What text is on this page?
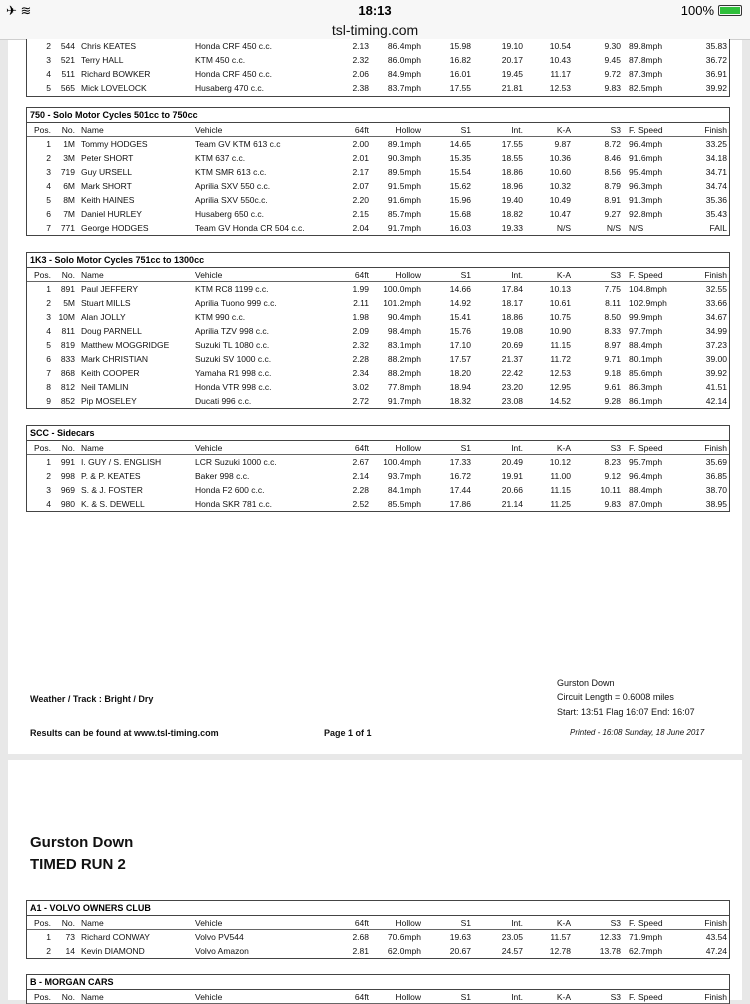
✈ ≋	18:13	100%
tsl-timing.com
2	544 Chris KEATES	Honda CRF 450 c.c.	2.13	86.4mph	15.98	19.10	10.54	9.30 89.8mph	35.83
3	521 Terry HALL	KTM 450 c.c.	2.32	86.0mph	16.82	20.17	10.43	9.45 87.8mph	36.72
4	511 Richard BOWKER	Honda CRF 450 c.c.	2.06	84.9mph	16.01	19.45	11.17	9.72 87.3mph	36.91
5	565 Mick LOVELOCK	Husaberg 470 c.c.	2.38	83.7mph	17.55	21.81	12.53	9.83 82.5mph	39.92
750 - Solo Motor Cycles 501cc to 750cc
Pos.	No. Name	Vehicle	64ft	Hollow	S1	Int.	K-A	S3 F. Speed	Finish
1	1M Tommy HODGES	Team GV KTM 613 c.c	2.00	89.1mph	14.65	17.55	9.87	8.72 96.4mph	33.25
2	3M Peter SHORT	KTM 637 c.c.	2.01	90.3mph	15.35	18.55	10.36	8.46 91.6mph	34.18
3	719 Guy URSELL	KTM SMR 613 c.c.	2.17	89.5mph	15.54	18.86	10.60	8.56 95.4mph	34.71
4	6M Mark SHORT	Aprilia SXV 550 c.c.	2.07	91.5mph	15.62	18.96	10.32	8.79 96.3mph	34.74
5	8M Keith HAINES	Aprilia SXV 550c.c.	2.20	91.6mph	15.96	19.40	10.49	8.91 91.3mph	35.36
6	7M Daniel HURLEY	Husaberg 650 c.c.	2.15	85.7mph	15.68	18.82	10.47	9.27 92.8mph	35.43
7	771 George HODGES	Team GV Honda CR 504 c.c.	2.04	91.7mph	16.03	19.33	N/S	N/S N/S	FAIL
1K3 - Solo Motor Cycles 751cc to 1300cc
Pos.	No. Name	Vehicle	64ft	Hollow	S1	Int.	K-A	S3 F. Speed	Finish
1	891 Paul JEFFERY	KTM RC8 1199 c.c.	1.99	100.0mph	14.66	17.84	10.13	7.75 104.8mph	32.55
2	5M Stuart MILLS	Aprilia Tuono 999 c.c.	2.11	101.2mph	14.92	18.17	10.61	8.11 102.9mph	33.66
3 10M Alan JOLLY	KTM 990 c.c.	1.98	90.4mph	15.41	18.86	10.75	8.50 99.9mph	34.67
4	811 Doug PARNELL	Aprilia TZV 998 c.c.	2.09	98.4mph	15.76	19.08	10.90	8.33 97.7mph	34.99
5	819 Matthew MOGGRIDGE	Suzuki TL 1080 c.c.	2.32	83.1mph	17.10	20.69	11.15	8.97 88.4mph	37.23
6	833 Mark CHRISTIAN	Suzuki SV 1000 c.c.	2.28	88.2mph	17.57	21.37	11.72	9.71 80.1mph	39.00
7	868 Keith COOPER	Yamaha R1 998 c.c.	2.34	88.2mph	18.20	22.42	12.53	9.18 85.6mph	39.92
8	812 Neil TAMLIN	Honda VTR 998 c.c.	3.02	77.8mph	18.94	23.20	12.95	9.61 86.3mph	41.51
9	852 Pip MOSELEY	Ducati 996 c.c.	2.72	91.7mph	18.32	23.08	14.52	9.28 86.1mph	42.14
SCC - Sidecars
Pos.	No. Name	Vehicle	64ft	Hollow	S1	Int.	K-A	S3 F. Speed	Finish
1	991 I. GUY / S. ENGLISH	LCR Suzuki 1000 c.c.	2.67	100.4mph	17.33	20.49	10.12	8.23 95.7mph	35.69
2	998 P. & P. KEATES	Baker 998 c.c.	2.14	93.7mph	16.72	19.91	11.00	9.12 96.4mph	36.85
3	969 S. & J. FOSTER	Honda F2 600 c.c.	2.28	84.1mph	17.44	20.66	11.15	10.11 88.4mph	38.70
4	980 K. & S. DEWELL	Honda SKR 781 c.c.	2.52	85.5mph	17.86	21.14	11.25	9.83 87.0mph	38.95
Weather / Track : Bright / Dry
Results can be found at www.tsl-timing.com	Page 1 of 1
Gurston Down
Circuit Length = 0.6008 miles
Start: 13:51 Flag 16:07 End: 16:07
Printed - 16:08 Sunday, 18 June 2017
Gurston Down
TIMED RUN 2
A1 - VOLVO OWNERS CLUB
Pos.	No. Name	Vehicle	64ft	Hollow	S1	Int.	K-A	S3 F. Speed	Finish
1	73 Richard CONWAY	Volvo PV544	2.68	70.6mph	19.63	23.05	11.57	12.33 71.9mph	43.54
2	14 Kevin DIAMOND	Volvo Amazon	2.81	62.0mph	20.67	24.57	12.78	13.78 62.7mph	47.24
B - MORGAN CARS
Pos.	No. Name	Vehicle	64ft	Hollow	S1	Int.	K-A	S3 F. Speed	Finish
